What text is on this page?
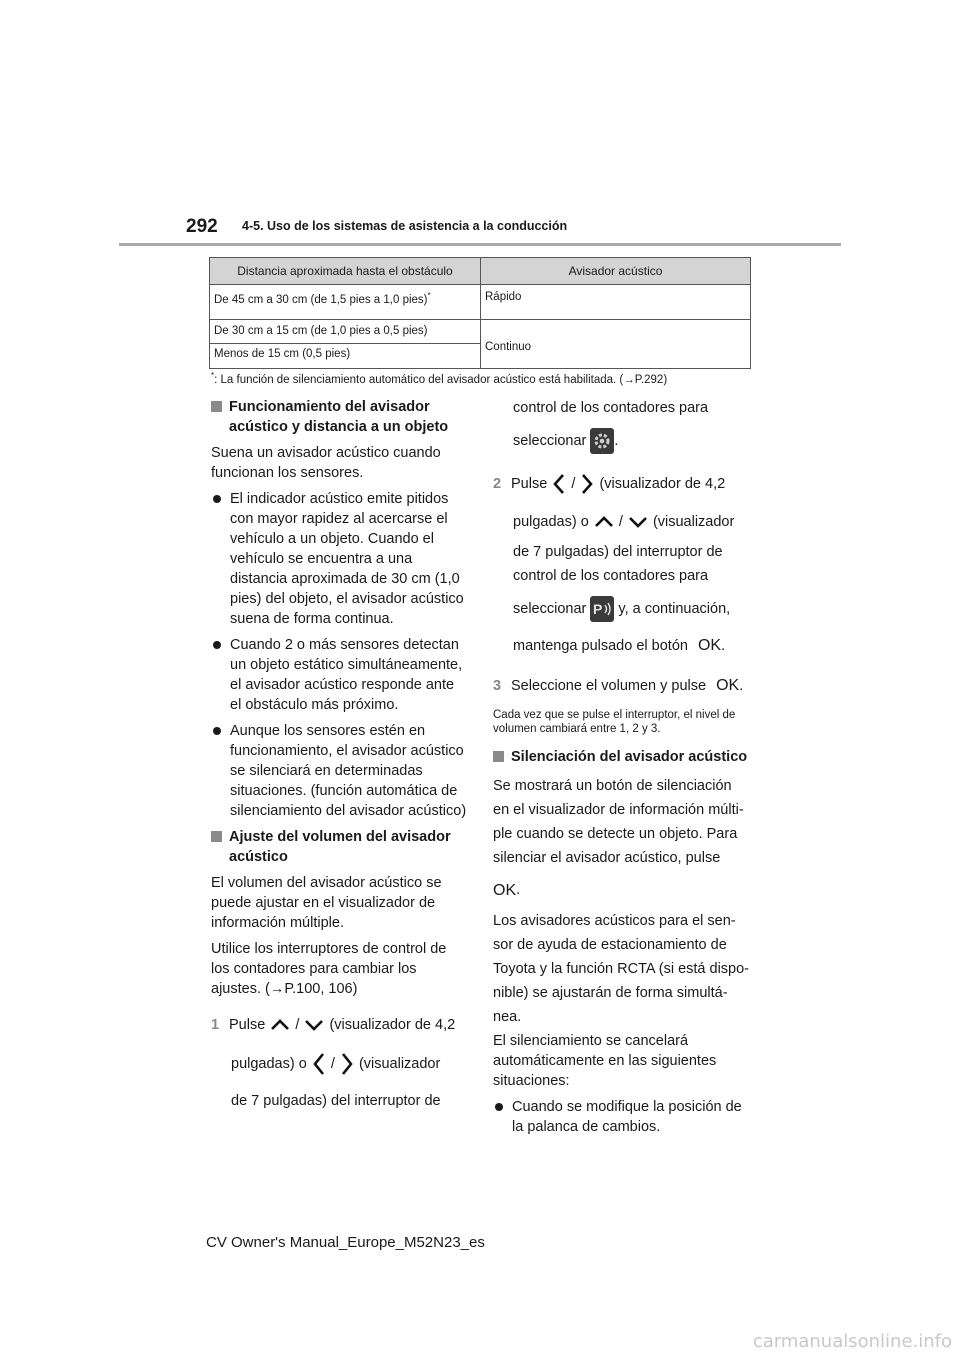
292 4-5. Uso de los sistemas de asistencia a la conducción
Distancia aproximada hasta el obstáculo	Avisador acústico
De 45 cm a 30 cm (de 1,5 pies a 1,0 pies)*	Rápido
De 30 cm a 15 cm (de 1,0 pies a 0,5 pies)	Continuo
Menos de 15 cm (0,5 pies)	
*: La función de silenciamiento automático del avisador acústico está habilitada. (→P.292)

Funcionamiento del avisador acústico y distancia a un objeto

Suena un avisador acústico cuando funcionan los sensores.

El indicador acústico emite pitidos con mayor rapidez al acercarse el vehículo a un objeto. Cuando el vehículo se encuentra a una distancia aproximada de 30 cm (1,0 pies) del objeto, el avisador acústico suena de forma continua.

Cuando 2 o más sensores detectan un objeto estático simultáneamente, el avisador acústico responde ante el obstáculo más próximo.

Aunque los sensores estén en funcionamiento, el avisador acústico se silenciará en determinadas situaciones. (función automática de silenciamiento del avisador acústico)

Ajuste del volumen del avisador acústico

El volumen del avisador acústico se puede ajustar en el visualizador de información múltiple.

Utilice los interruptores de control de los contadores para cambiar los ajustes. (→P.100, 106)

1 Pulse / (visualizador de 4,2

pulgadas) o / (visualizador

de 7 pulgadas) del interruptor de

control de los contadores para

seleccionar .

2 Pulse / (visualizador de 4,2

pulgadas) o / (visualizador

de 7 pulgadas) del interruptor de

control de los contadores para

seleccionar P y, a continuación,

mantenga pulsado el botón OK.

3 Seleccione el volumen y pulse OK.

Cada vez que se pulse el interruptor, el nivel de volumen cambiará entre 1, 2 y 3.

Silenciación del avisador acústico

Se mostrará un botón de silenciación

en el visualizador de información múlti-

ple cuando se detecte un objeto. Para

silenciar el avisador acústico, pulse

OK.

Los avisadores acústicos para el sen-

sor de ayuda de estacionamiento de

Toyota y la función RCTA (si está dispo-

nible) se ajustarán de forma simultá-

nea.

El silenciamiento se cancelará automáticamente en las siguientes situaciones:

Cuando se modifique la posición de la palanca de cambios.

CV Owner's Manual_Europe_M52N23_es
carmanualsonline.info
